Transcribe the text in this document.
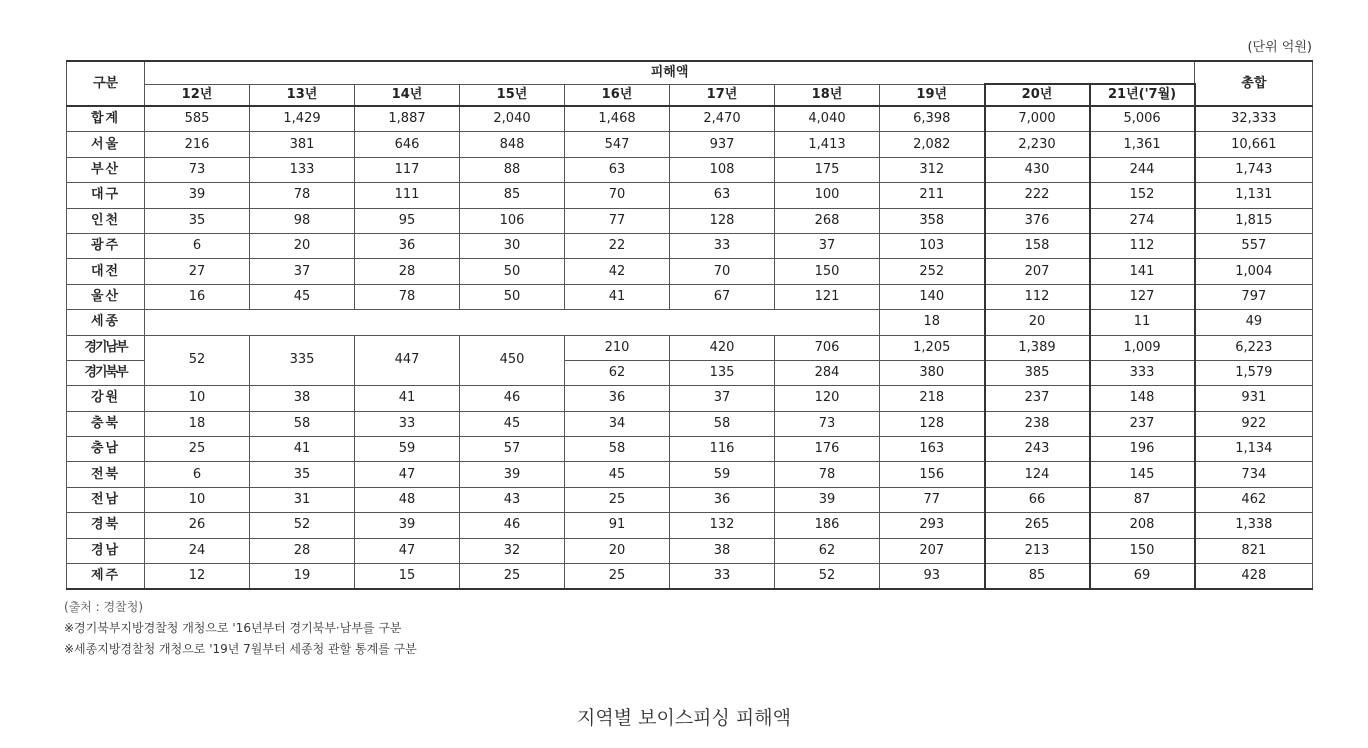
(단위 억원)
구분	피해액										총합
	12년	13년	14년	15년	16년	17년	18년	19년	20년	21년('7월)	
합계	585	1,429	1,887	2,040	1,468	2,470	4,040	6,398	7,000	5,006	32,333
서울	216	381	646	848	547	937	1,413	2,082	2,230	1,361	10,661
부산	73	133	117	88	63	108	175	312	430	244	1,743
대구	39	78	111	85	70	63	100	211	222	152	1,131
인천	35	98	95	106	77	128	268	358	376	274	1,815
광주	6	20	36	30	22	33	37	103	158	112	557
대전	27	37	28	50	42	70	150	252	207	141	1,004
울산	16	45	78	50	41	67	121	140	112	127	797
세종								18	20	11	49
경기남부	52	335	447	450	210	420	706	1,205	1,389	1,009	6,223
경기북부					62	135	284	380	385	333	1,579
강원	10	38	41	46	36	37	120	218	237	148	931
충북	18	58	33	45	34	58	73	128	238	237	922
충남	25	41	59	57	58	116	176	163	243	196	1,134
전북	6	35	47	39	45	59	78	156	124	145	734
전남	10	31	48	43	25	36	39	77	66	87	462
경북	26	52	39	46	91	132	186	293	265	208	1,338
경남	24	28	47	32	20	38	62	207	213	150	821
제주	12	19	15	25	25	33	52	93	85	69	428
(출처 : 경찰청)
※경기북부지방경찰청 개청으로 '16년부터 경기북부·남부를 구분
※세종지방경찰청 개청으로 '19년 7월부터 세종청 관할 통계를 구분
지역별 보이스피싱 피해액
